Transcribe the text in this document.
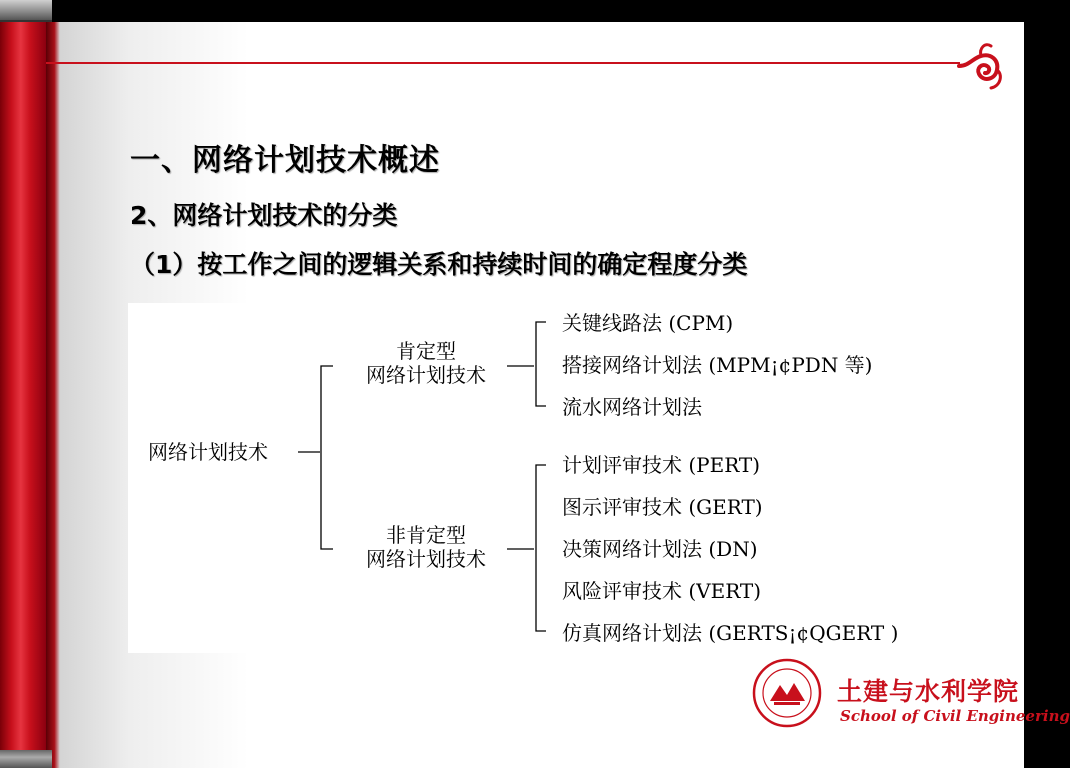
一、网络计划技术概述
2、网络计划技术的分类
（1）按工作之间的逻辑关系和持续时间的确定程度分类
网络计划技术
肯定型
网络计划技术
非肯定型
网络计划技术
关键线路法 (CPM)
搭接网络计划法 (MPM¡¢PDN 等)
流水网络计划法
计划评审技术 (PERT)
图示评审技术 (GERT)
决策网络计划法 (DN)
风险评审技术 (VERT)
仿真网络计划法 (GERTS¡¢QGERT )
土建与水利学院
School of Civil Engineering
